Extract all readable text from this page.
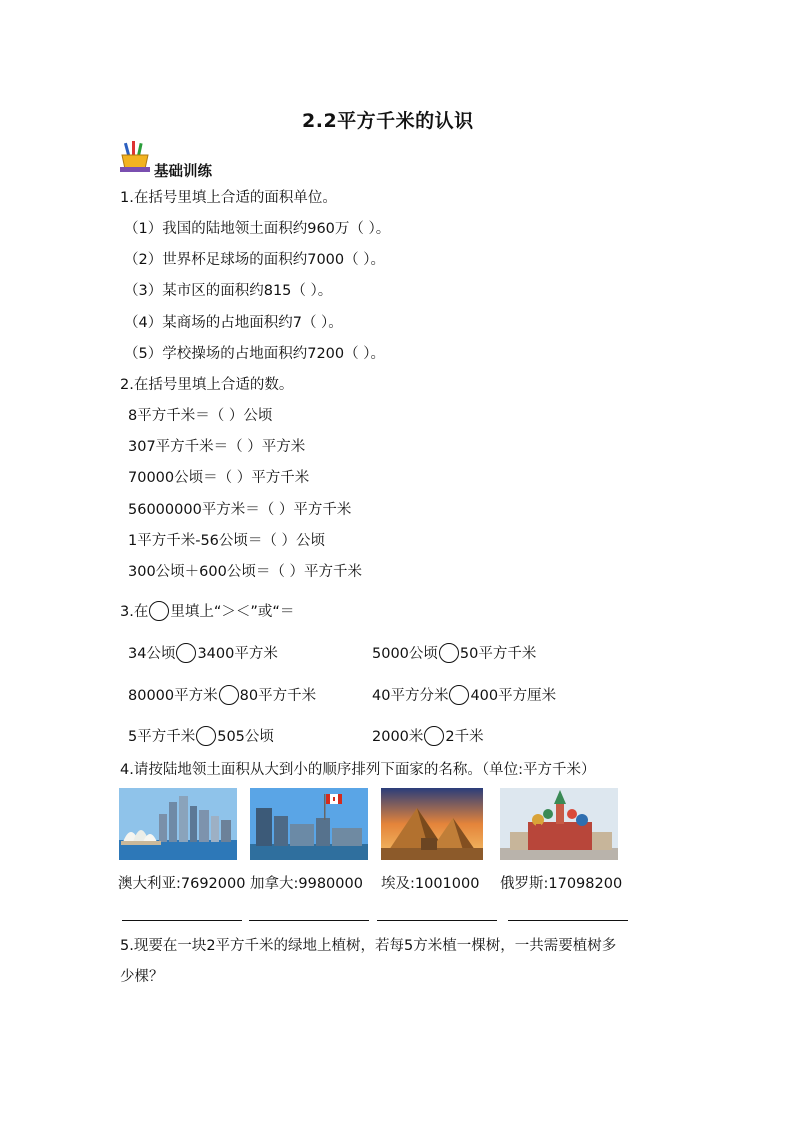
2.2平方千米的认识
基础训练
1.在括号里填上合适的面积单位。
（1）我国的陆地领土面积约960万（ ）。
（2）世界杯足球场的面积约7000（ ）。
（3）某市区的面积约815（ ）。
（4）某商场的占地面积约7（ ）。
（5）学校操场的占地面积约7200（ ）。
2.在括号里填上合适的数。
8平方千米＝（ ）公顷
307平方千米＝（ ）平方米
70000公顷＝（ ）平方千米
56000000平方米＝（ ）平方千米
1平方千米-56公顷＝（ ）公顷
300公顷＋600公顷＝（ ）平方千米
3.在 里填上“＞＜”或“＝
34公顷 3400平方米	5000公顷 50平方千米
80000平方米 80平方千米	40平方分米 400平方厘米
5平方千米 505公顷	2000米 2千米
4.请按陆地领土面积从大到小的顺序排列下面家的名称。（单位:平方千米）
澳大利亚:7692000 加拿大:9980000 埃及:1001000 俄罗斯:17098200
5.现要在一块2平方千米的绿地上植树，若每5方米植一棵树，一共需要植树多
少棵？
